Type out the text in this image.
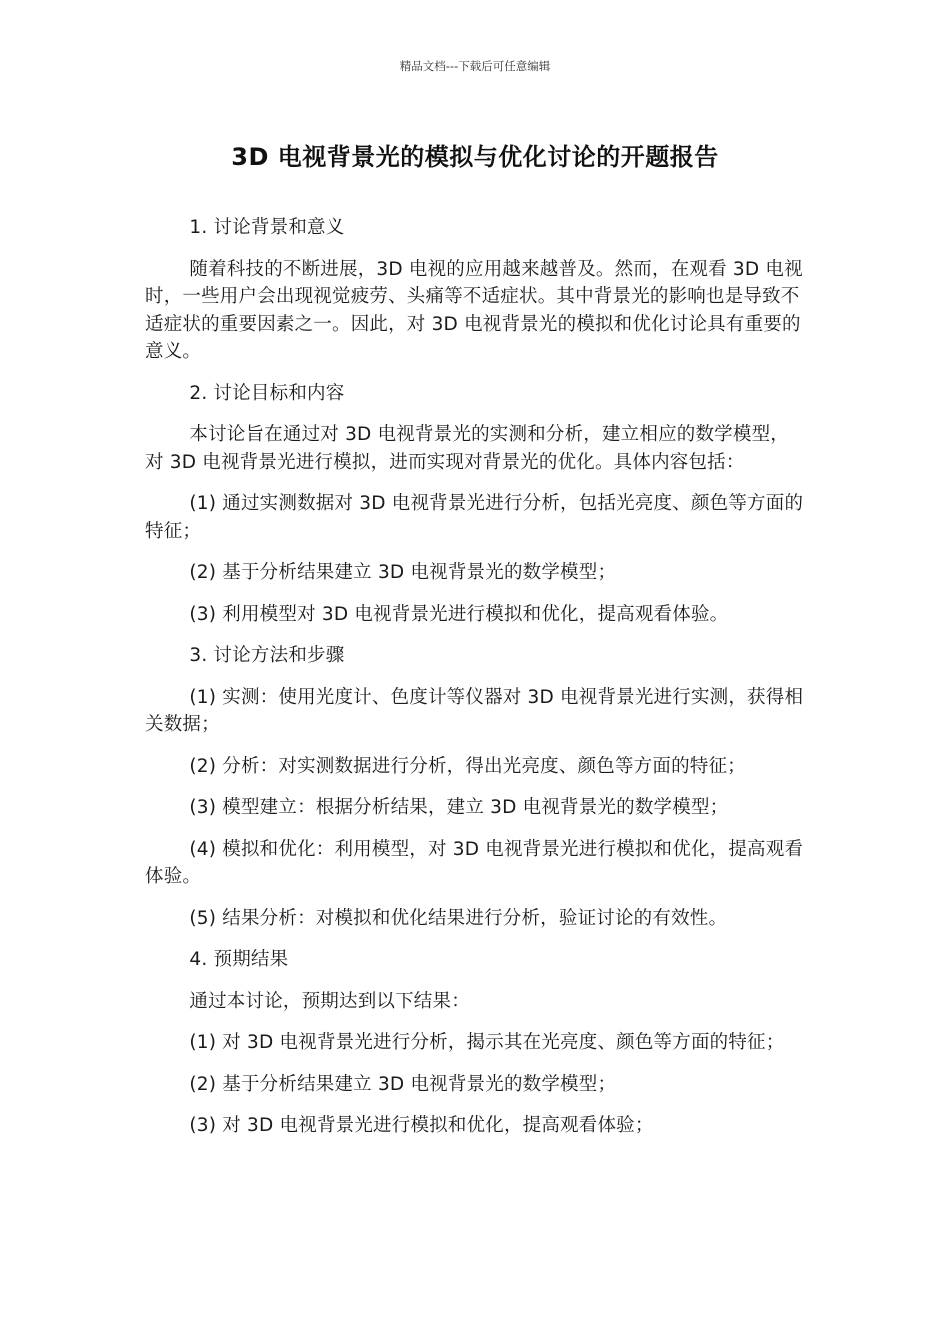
精品文档---下载后可任意编辑
3D 电视背景光的模拟与优化讨论的开题报告

1. 讨论背景和意义

随着科技的不断进展，3D 电视的应用越来越普及。然而，在观看 3D 电视时，一些用户会出现视觉疲劳、头痛等不适症状。其中背景光的影响也是导致不适症状的重要因素之一。因此，对 3D 电视背景光的模拟和优化讨论具有重要的意义。

2. 讨论目标和内容

本讨论旨在通过对 3D 电视背景光的实测和分析，建立相应的数学模型，对 3D 电视背景光进行模拟，进而实现对背景光的优化。具体内容包括：

(1) 通过实测数据对 3D 电视背景光进行分析，包括光亮度、颜色等方面的特征；

(2) 基于分析结果建立 3D 电视背景光的数学模型；

(3) 利用模型对 3D 电视背景光进行模拟和优化，提高观看体验。

3. 讨论方法和步骤

(1) 实测：使用光度计、色度计等仪器对 3D 电视背景光进行实测，获得相关数据；

(2) 分析：对实测数据进行分析，得出光亮度、颜色等方面的特征；

(3) 模型建立：根据分析结果，建立 3D 电视背景光的数学模型；

(4) 模拟和优化：利用模型，对 3D 电视背景光进行模拟和优化，提高观看体验。

(5) 结果分析：对模拟和优化结果进行分析，验证讨论的有效性。

4. 预期结果

通过本讨论，预期达到以下结果：

(1) 对 3D 电视背景光进行分析，揭示其在光亮度、颜色等方面的特征；

(2) 基于分析结果建立 3D 电视背景光的数学模型；

(3) 对 3D 电视背景光进行模拟和优化，提高观看体验；
